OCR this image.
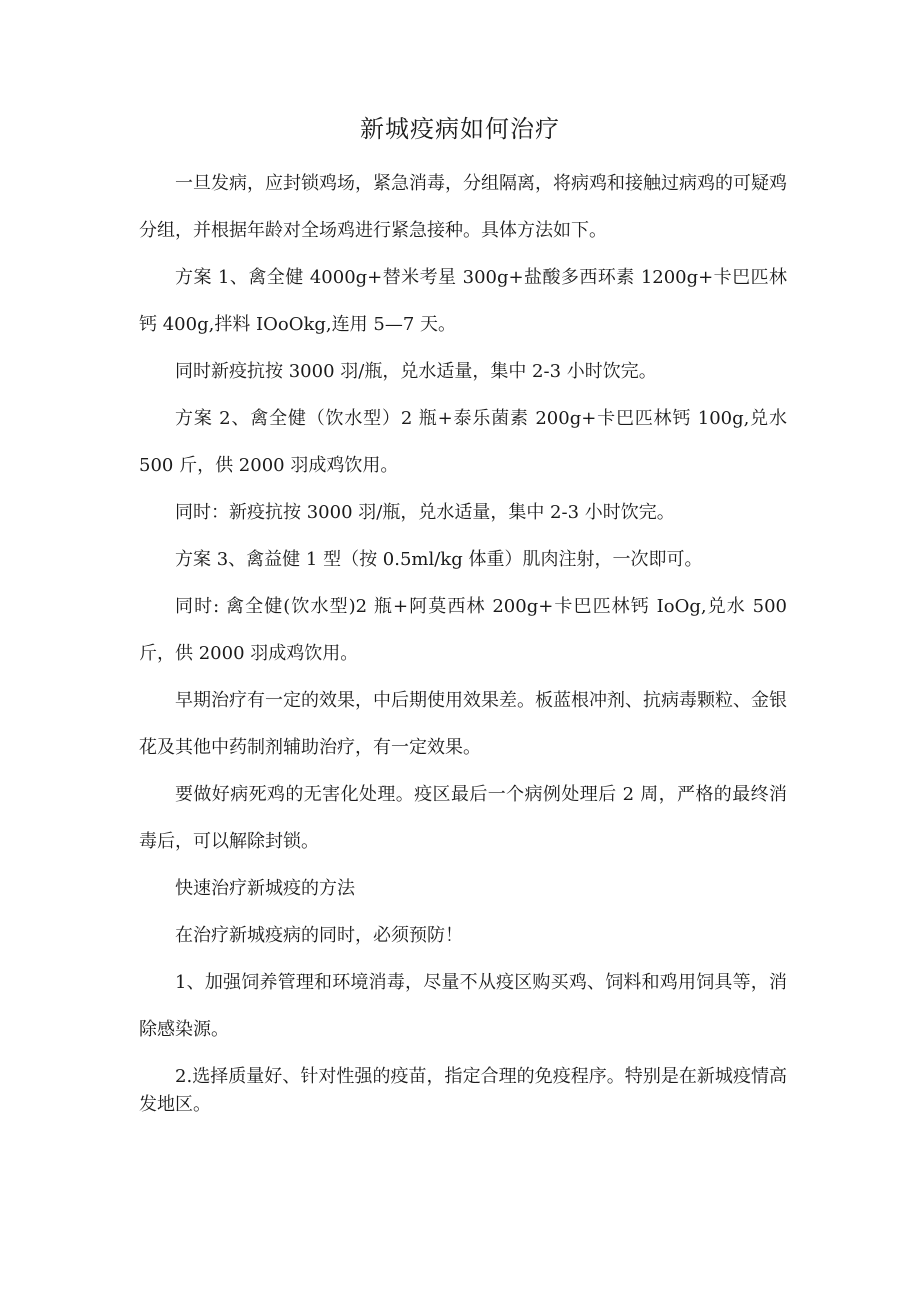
新城疫病如何治疗

一旦发病，应封锁鸡场，紧急消毒，分组隔离，将病鸡和接触过病鸡的可疑鸡分组，并根据年龄对全场鸡进行紧急接种。具体方法如下。

方案 1、禽全健 4000g+替米考星 300g+盐酸多西环素 1200g+卡巴匹林钙 400g,拌料 IOoOkg,连用 5—7 天。

同时新疫抗按 3000 羽/瓶，兑水适量，集中 2-3 小时饮完。

方案 2、禽全健（饮水型）2 瓶+泰乐菌素 200g+卡巴匹林钙 100g,兑水 500 斤，供 2000 羽成鸡饮用。

同时：新疫抗按 3000 羽/瓶，兑水适量，集中 2-3 小时饮完。

方案 3、禽益健 1 型（按 0.5ml/kg 体重）肌肉注射，一次即可。

同时: 禽全健(饮水型)2 瓶+阿莫西林 200g+卡巴匹林钙 IoOg,兑水 500 斤，供 2000 羽成鸡饮用。

早期治疗有一定的效果，中后期使用效果差。板蓝根冲剂、抗病毒颗粒、金银花及其他中药制剂辅助治疗，有一定效果。

要做好病死鸡的无害化处理。疫区最后一个病例处理后 2 周，严格的最终消毒后，可以解除封锁。

快速治疗新城疫的方法

在治疗新城疫病的同时，必须预防！

1、加强饲养管理和环境消毒，尽量不从疫区购买鸡、饲料和鸡用饲具等，消除感染源。

2.选择质量好、针对性强的疫苗，指定合理的免疫程序。特别是在新城疫情高发地区。
